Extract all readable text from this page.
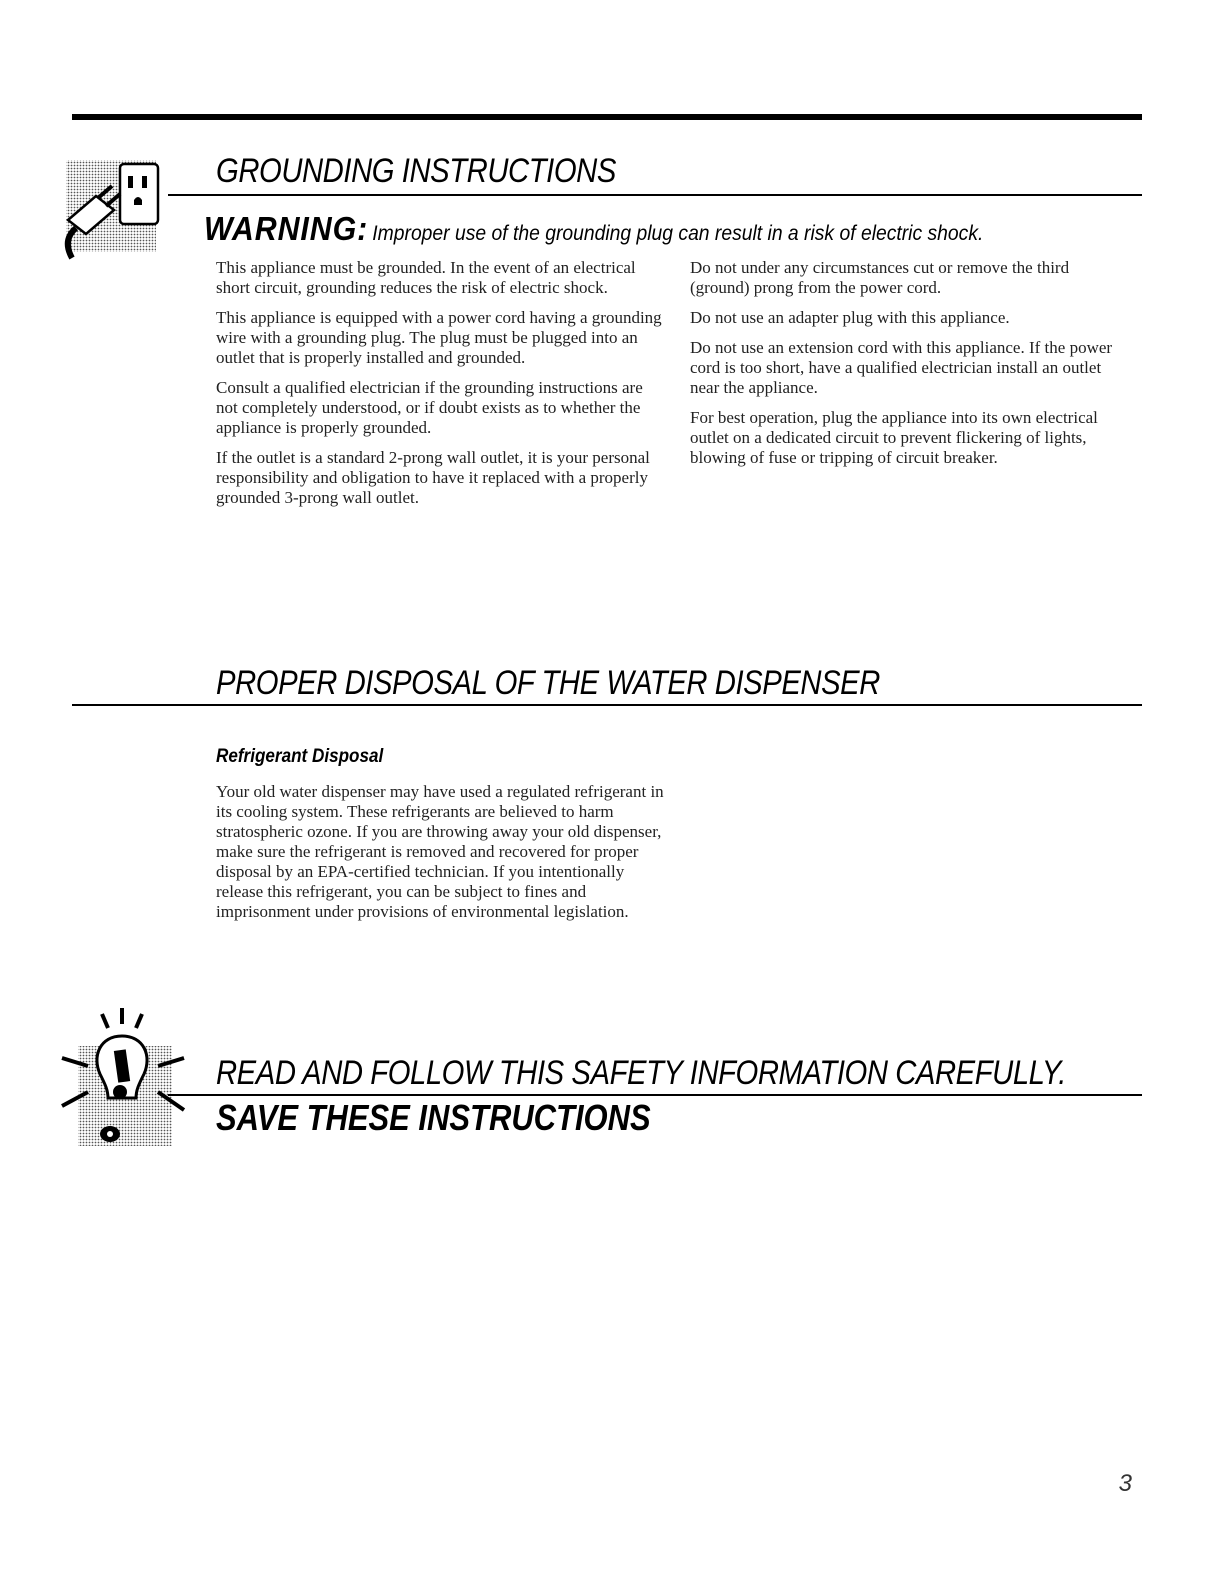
GROUNDING INSTRUCTIONS
WARNING: Improper use of the grounding plug can result in a risk of electric shock.

This appliance must be grounded. In the event of an electrical short circuit, grounding reduces the risk of electric shock.

This appliance is equipped with a power cord having a grounding wire with a grounding plug. The plug must be plugged into an outlet that is properly installed and grounded.

Consult a qualified electrician if the grounding instructions are not completely understood, or if doubt exists as to whether the appliance is properly grounded.

If the outlet is a standard 2-prong wall outlet, it is your personal responsibility and obligation to have it replaced with a properly grounded 3-prong wall outlet.

Do not under any circumstances cut or remove the third (ground) prong from the power cord.

Do not use an adapter plug with this appliance.

Do not use an extension cord with this appliance. If the power cord is too short, have a qualified electrician install an outlet near the appliance.

For best operation, plug the appliance into its own electrical outlet on a dedicated circuit to prevent flickering of lights, blowing of fuse or tripping of circuit breaker.

PROPER DISPOSAL OF THE WATER DISPENSER
Refrigerant Disposal

Your old water dispenser may have used a regulated refrigerant in its cooling system. These refrigerants are believed to harm stratospheric ozone. If you are throwing away your old dispenser, make sure the refrigerant is removed and recovered for proper disposal by an EPA-certified technician. If you intentionally release this refrigerant, you can be subject to fines and imprisonment under provisions of environmental legislation.

READ AND FOLLOW THIS SAFETY INFORMATION CAREFULLY.
SAVE THESE INSTRUCTIONS
3
